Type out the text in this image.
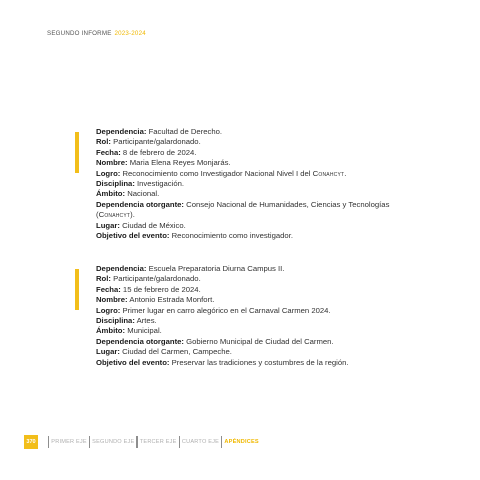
SEGUNDO INFORME 2023-2024
Dependencia: Facultad de Derecho.
Rol: Participante/galardonado.
Fecha: 8 de febrero de 2024.
Nombre: Maria Elena Reyes Monjarás.
Logro: Reconocimiento como Investigador Nacional Nivel I del Conahcyt.
Disciplina: Investigación.
Ámbito: Nacional.
Dependencia otorgante: Consejo Nacional de Humanidades, Ciencias y Tecnologías (Conahcyt).
Lugar: Ciudad de México.
Objetivo del evento: Reconocimiento como investigador.
Dependencia: Escuela Preparatoria Diurna Campus II.
Rol: Participante/galardonado.
Fecha: 15 de febrero de 2024.
Nombre: Antonio Estrada Monfort.
Logro: Primer lugar en carro alegórico en el Carnaval Carmen 2024.
Disciplina: Artes.
Ámbito: Municipal.
Dependencia otorgante: Gobierno Municipal de Ciudad del Carmen.
Lugar: Ciudad del Carmen, Campeche.
Objetivo del evento: Preservar las tradiciones y costumbres de la región.
370	PRIMER EJE SEGUNDO EJE TERCER EJE CUARTO EJE APÉNDICES
